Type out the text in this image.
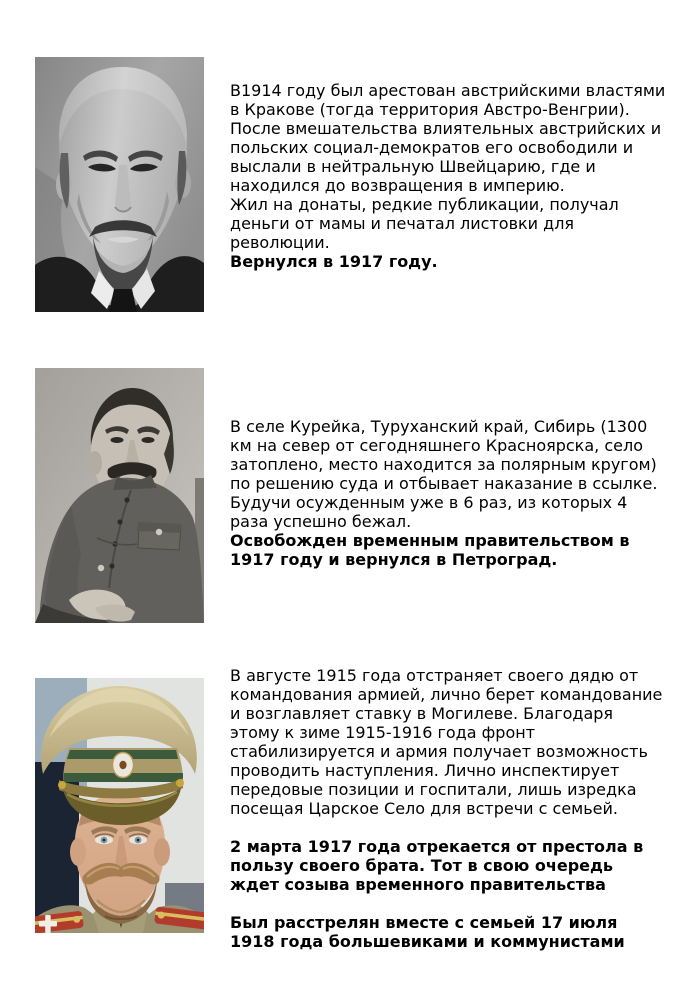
В1914 году был арестован австрийскими властями
в Кракове (тогда территория Австро-Венгрии).
После вмешательства влиятельных австрийских и
польских социал-демократов его освободили и
выслали в нейтральную Швейцарию, где и
находился до возвращения в империю.
Жил на донаты, редкие публикации, получал
деньги от мамы и печатал листовки для
революции.
Вернулся в 1917 году.
В селе Курейка, Туруханский край, Сибирь (1300
км на север от сегодняшнего Красноярска, село
затоплено, место находится за полярным кругом)
по решению суда и отбывает наказание в ссылке.
Будучи осужденным уже в 6 раз, из которых 4
раза успешно бежал.
Освобожден временным правительством в
1917 году и вернулся в Петроград.
В августе 1915 года отстраняет своего дядю от
командования армией, лично берет командование
и возглавляет ставку в Могилеве. Благодаря
этому к зиме 1915-1916 года фронт
стабилизируется и армия получает возможность
проводить наступления. Лично инспектирует
передовые позиции и госпитали, лишь изредка
посещая Царское Село для встречи с семьей.
2 марта 1917 года отрекается от престола в
пользу своего брата. Тот в свою очередь
ждет созыва временного правительства
Был расстрелян вместе с семьей 17 июля
1918 года большевиками и коммунистами
